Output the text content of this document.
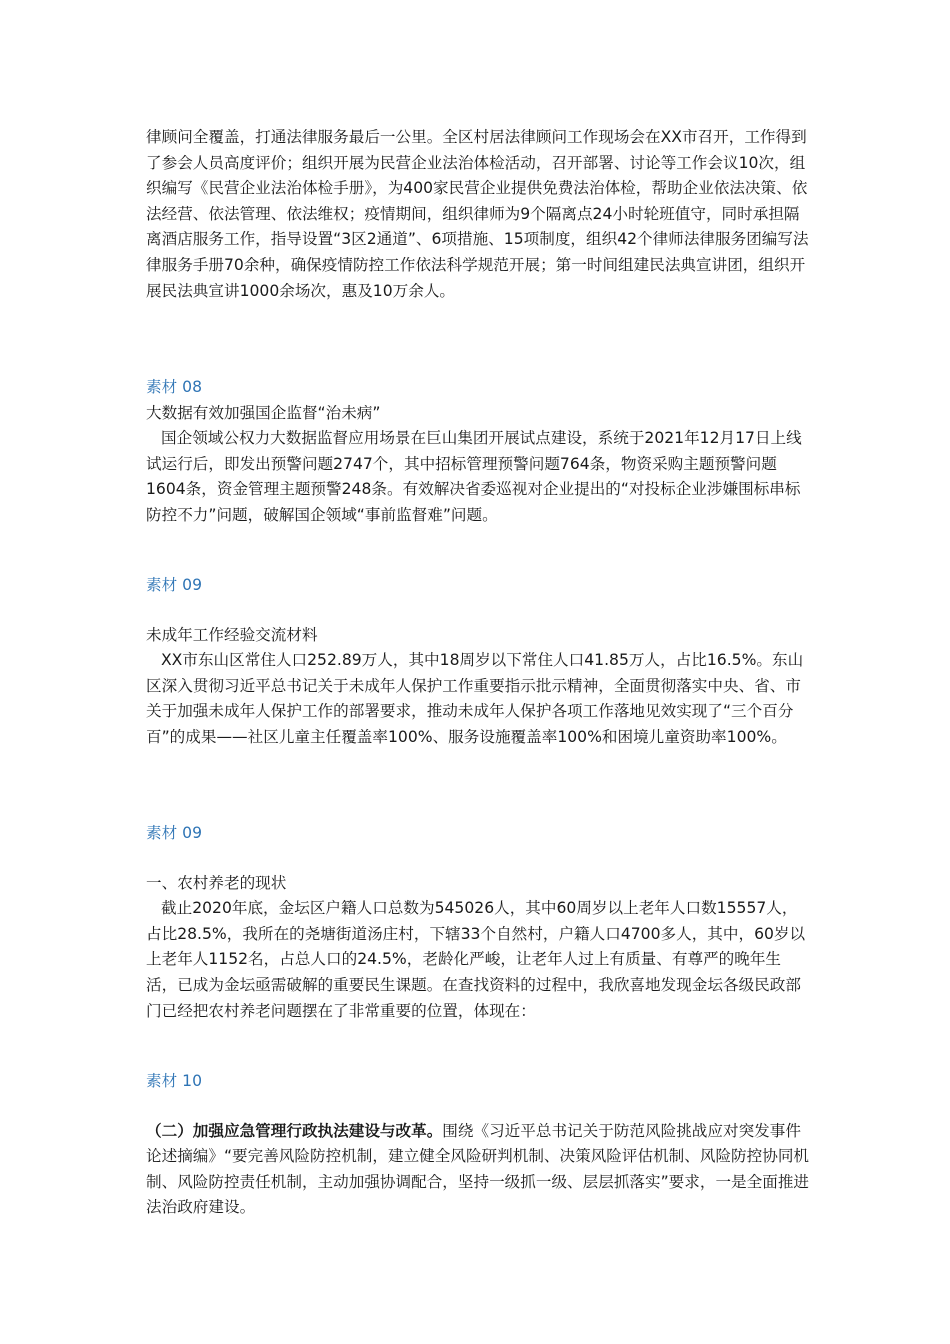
律顾问全覆盖，打通法律服务最后一公里。全区村居法律顾问工作现场会在XX市召开，工作得到了参会人员高度评价；组织开展为民营企业法治体检活动，召开部署、讨论等工作会议10次，组织编写《民营企业法治体检手册》，为400家民营企业提供免费法治体检，帮助企业依法决策、依法经营、依法管理、依法维权；疫情期间，组织律师为9个隔离点24小时轮班值守，同时承担隔离酒店服务工作，指导设置“3区2通道”、6项措施、15项制度，组织42个律师法律服务团编写法律服务手册70余种，确保疫情防控工作依法科学规范开展；第一时间组建民法典宣讲团，组织开展民法典宣讲1000余场次，惠及10万余人。

素材 08

大数据有效加强国企监督“治未病”

国企领域公权力大数据监督应用场景在巨山集团开展试点建设，系统于2021年12月17日上线试运行后，即发出预警问题2747个，其中招标管理预警问题764条，物资采购主题预警问题1604条，资金管理主题预警248条。有效解决省委巡视对企业提出的“对投标企业涉嫌围标串标防控不力”问题，破解国企领域“事前监督难”问题。

素材 09

未成年工作经验交流材料

XX市东山区常住人口252.89万人，其中18周岁以下常住人口41.85万人，占比16.5%。东山区深入贯彻习近平总书记关于未成年人保护工作重要指示批示精神，全面贯彻落实中央、省、市关于加强未成年人保护工作的部署要求，推动未成年人保护各项工作落地见效实现了“三个百分百”的成果——社区儿童主任覆盖率100%、服务设施覆盖率100%和困境儿童资助率100%。

素材 09

一、农村养老的现状

截止2020年底，金坛区户籍人口总数为545026人，其中60周岁以上老年人口数15557人，占比28.5%，我所在的尧塘街道汤庄村，下辖33个自然村，户籍人口4700多人，其中，60岁以上老年人1152名，占总人口的24.5%，老龄化严峻，让老年人过上有质量、有尊严的晚年生活，已成为金坛亟需破解的重要民生课题。在查找资料的过程中，我欣喜地发现金坛各级民政部门已经把农村养老问题摆在了非常重要的位置，体现在：

素材 10

（二）加强应急管理行政执法建设与改革。围绕《习近平总书记关于防范风险挑战应对突发事件论述摘编》“要完善风险防控机制，建立健全风险研判机制、决策风险评估机制、风险防控协同机制、风险防控责任机制，主动加强协调配合，坚持一级抓一级、层层抓落实”要求，一是全面推进法治政府建设。
